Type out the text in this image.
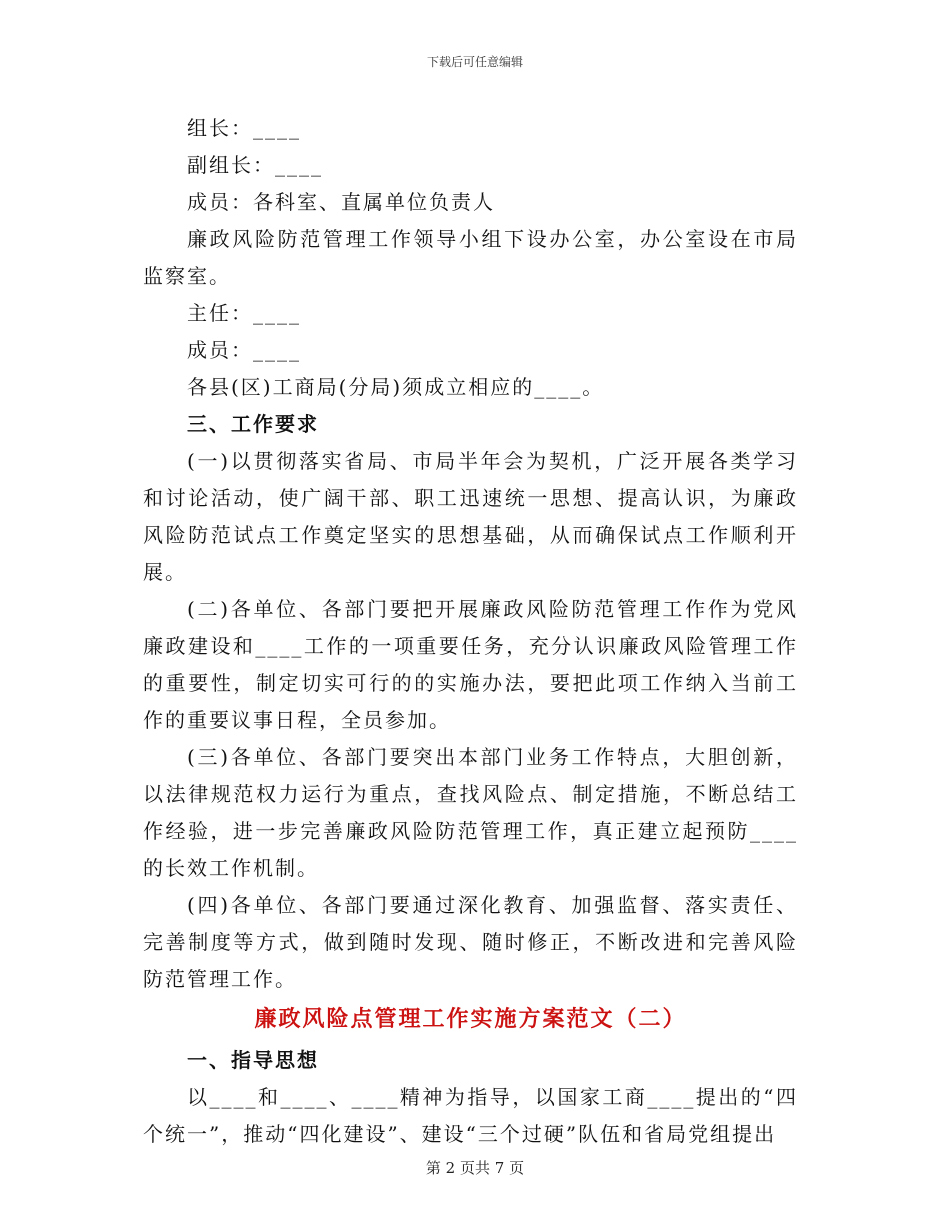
下载后可任意编辑

组长：____

副组长：____

成员：各科室、直属单位负责人

廉政风险防范管理工作领导小组下设办公室，办公室设在市局监察室。

主任：____

成员：____

各县(区)工商局(分局)须成立相应的____。

三、工作要求

(一)以贯彻落实省局、市局半年会为契机，广泛开展各类学习和讨论活动，使广阔干部、职工迅速统一思想、提高认识，为廉政风险防范试点工作奠定坚实的思想基础，从而确保试点工作顺利开展。

(二)各单位、各部门要把开展廉政风险防范管理工作作为党风廉政建设和____工作的一项重要任务，充分认识廉政风险管理工作的重要性，制定切实可行的的实施办法，要把此项工作纳入当前工作的重要议事日程，全员参加。

(三)各单位、各部门要突出本部门业务工作特点，大胆创新，以法律规范权力运行为重点，查找风险点、制定措施，不断总结工作经验，进一步完善廉政风险防范管理工作，真正建立起预防____的长效工作机制。

(四)各单位、各部门要通过深化教育、加强监督、落实责任、完善制度等方式，做到随时发现、随时修正，不断改进和完善风险防范管理工作。

廉政风险点管理工作实施方案范文（二）

一、指导思想

以____和____、____精神为指导，以国家工商____提出的“四个统一”，推动“四化建设”、建设“三个过硬”队伍和省局党组提出

第 2 页共 7 页
